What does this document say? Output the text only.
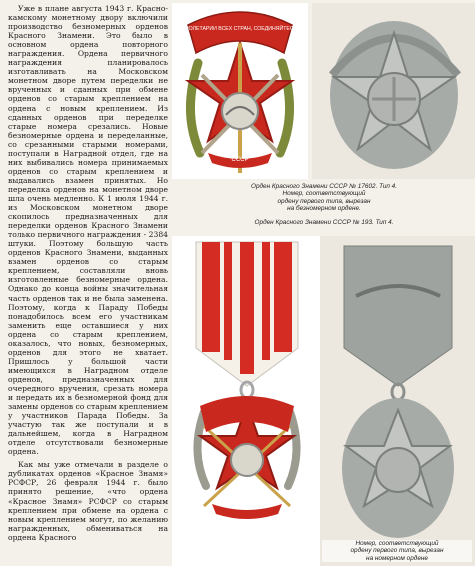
Уже в плане августа 1943 г. Красно-камскому монетному двору включили производство безномерных орденов Красного Знамени. Это было в основном ордена повторного награждения. Ордена первичного награждения планировалось изготавливать на Московском монетном дворе путем переделки не врученных и сданных при обмене орденов со старым креплением на ордена с новым креплением. Из сданных орденов при переделке старые номера срезались. Новые безномерные ордена и переделанные, со срезанными старыми номерами, поступали в Наградной отдел, где на них выбивались номера принимаемых орденов со старым креплением и выдавались взамен принятых. Но переделка орденов на монетном дворе шла очень медленно. К 1 июля 1944 г. из Московском монетном дворе скопилось предназначенных для переделки орденов Красного Знамени только первичного награждения - 2384 штуки. Поэтому большую часть орденов Красного Знамени, выданных взамен орденов со старым креплением, составляли вновь изготовленные безномерные ордена. Однако до конца войны значительная часть орденов так и не была заменена. Поэтому, когда к Параду Победы понадобилось всем его участникам заменить еще оставшиеся у них ордена со старым креплением, оказалось, что новых, безномерных, орденов для этого не хватает. Пришлось у большой части имеющихся в Наградном отделе орденов, предназначенных для очередного вручения, срезать номера и передать их в безномерной фонд для замены орденов со старым креплением у участников Парада Победы. За участую так же поступали и в дальнейшем, когда в Наградном отделе отсутствовали безномерные ордена.

Как мы уже отмечали в разделе о дубликатах орденов «Красное Знамя» РСФСР, 26 февраля 1944 г. было принято решение, «что ордена «Красное Знамя» РСФСР со старым креплением при обмене на ордена с новым креплением могут, по желанию награжденных, обмениваться на ордена Красного

СССР
ПРОЛЕТАРИИ ВСЕХ СТРАН, СОЕДИНЯЙТЕСЬ!

Орден Красного Знамени СССР № 17602. Тип 4.
Номер, соответствующий
ордену первого типа, вырезан
на безномерном ордене.

Орден Красного Знамени СССР № 193. Тип 4.

Номер, соответствующий
ордену первого типа, вырезан
на номерном ордене
